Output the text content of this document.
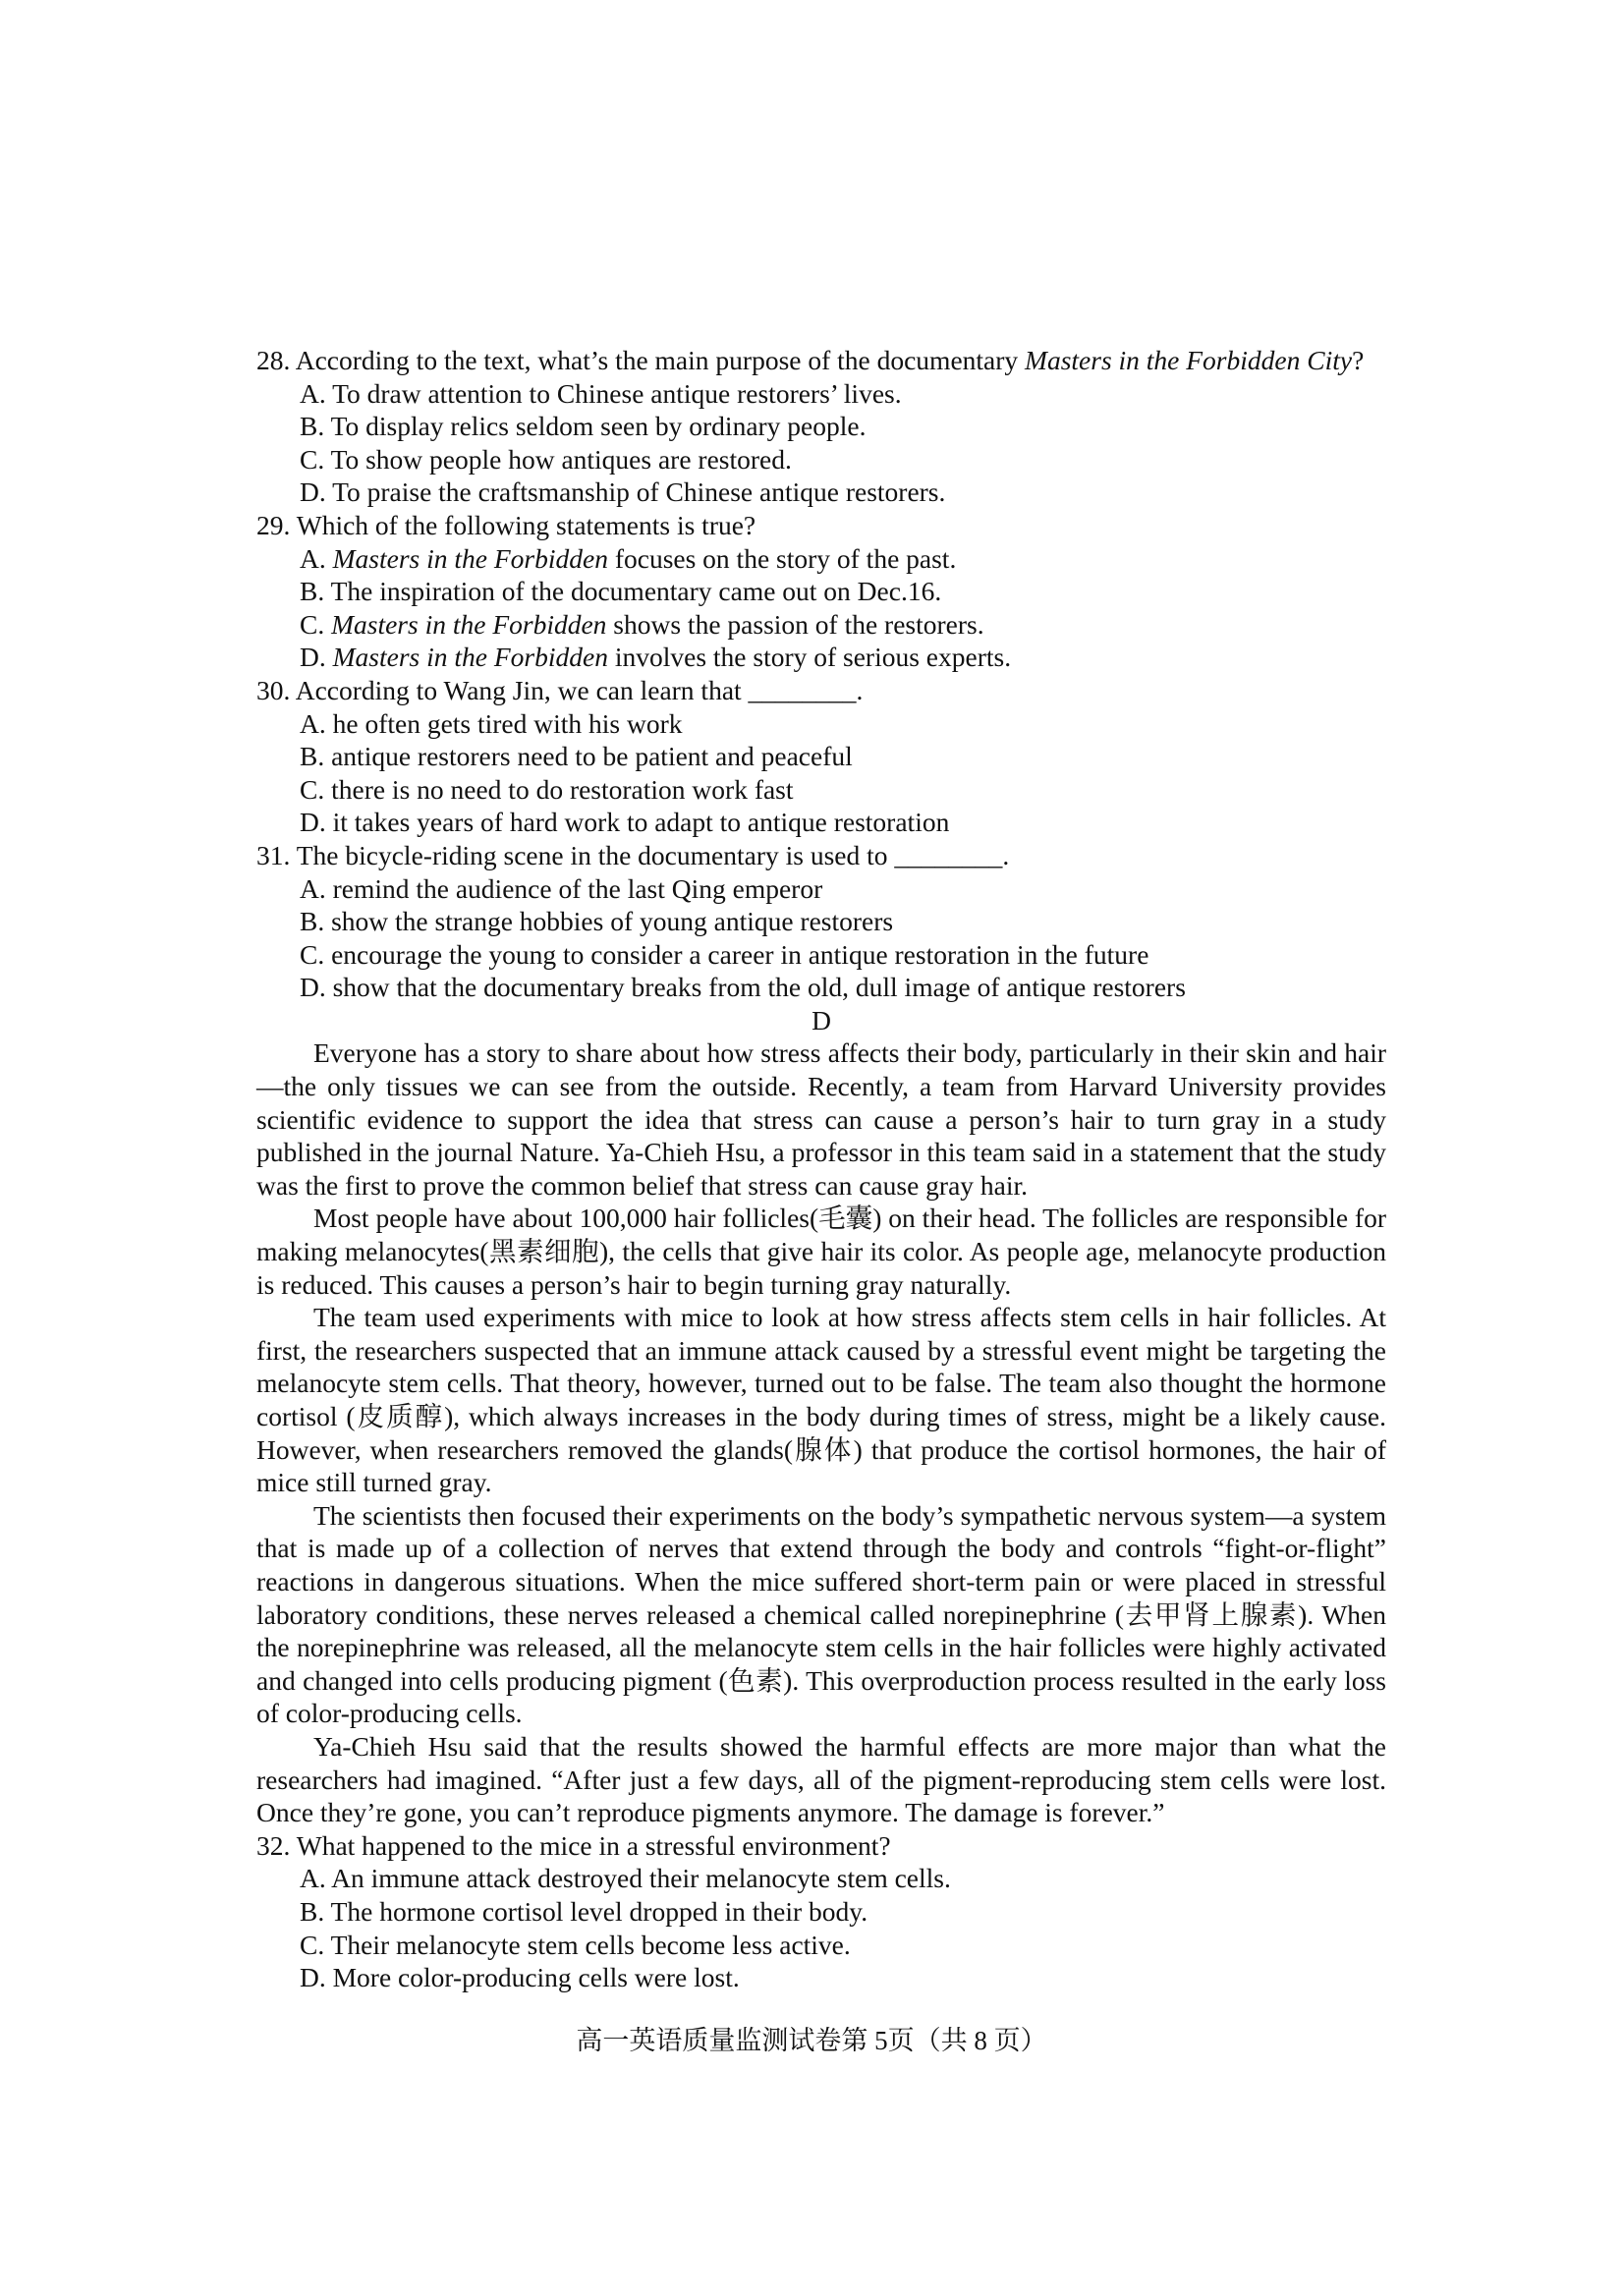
28. According to the text, what’s the main purpose of the documentary Masters in the Forbidden City?

A. To draw attention to Chinese antique restorers’ lives.

B. To display relics seldom seen by ordinary people.

C. To show people how antiques are restored.

D. To praise the craftsmanship of Chinese antique restorers.

29. Which of the following statements is true?

A. Masters in the Forbidden focuses on the story of the past.

B. The inspiration of the documentary came out on Dec.16.

C. Masters in the Forbidden shows the passion of the restorers.

D. Masters in the Forbidden involves the story of serious experts.

30. According to Wang Jin, we can learn that ________.

A. he often gets tired with his work

B. antique restorers need to be patient and peaceful

C. there is no need to do restoration work fast

D. it takes years of hard work to adapt to antique restoration

31. The bicycle-riding scene in the documentary is used to ________.

A. remind the audience of the last Qing emperor

B. show the strange hobbies of young antique restorers

C. encourage the young to consider a career in antique restoration in the future

D. show that the documentary breaks from the old, dull image of antique restorers

D

Everyone has a story to share about how stress affects their body, particularly in their skin and hair—the only tissues we can see from the outside. Recently, a team from Harvard University provides scientific evidence to support the idea that stress can cause a person’s hair to turn gray in a study published in the journal Nature. Ya-Chieh Hsu, a professor in this team said in a statement that the study was the first to prove the common belief that stress can cause gray hair.

Most people have about 100,000 hair follicles(毛囊) on their head. The follicles are responsible for making melanocytes(黑素细胞), the cells that give hair its color. As people age, melanocyte production is reduced. This causes a person’s hair to begin turning gray naturally.

The team used experiments with mice to look at how stress affects stem cells in hair follicles. At first, the researchers suspected that an immune attack caused by a stressful event might be targeting the melanocyte stem cells. That theory, however, turned out to be false. The team also thought the hormone cortisol (皮质醇), which always increases in the body during times of stress, might be a likely cause. However, when researchers removed the glands(腺体) that produce the cortisol hormones, the hair of mice still turned gray.

The scientists then focused their experiments on the body’s sympathetic nervous system—a system that is made up of a collection of nerves that extend through the body and controls “fight-or-flight” reactions in dangerous situations. When the mice suffered short-term pain or were placed in stressful laboratory conditions, these nerves released a chemical called norepinephrine (去甲肾上腺素). When the norepinephrine was released, all the melanocyte stem cells in the hair follicles were highly activated and changed into cells producing pigment (色素). This overproduction process resulted in the early loss of color-producing cells.

Ya-Chieh Hsu said that the results showed the harmful effects are more major than what the researchers had imagined. “After just a few days, all of the pigment-reproducing stem cells were lost. Once they’re gone, you can’t reproduce pigments anymore. The damage is forever.”

32. What happened to the mice in a stressful environment?

A. An immune attack destroyed their melanocyte stem cells.

B. The hormone cortisol level dropped in their body.

C. Their melanocyte stem cells become less active.

D. More color-producing cells were lost.

高一英语质量监测试卷第 5页（共 8 页）
